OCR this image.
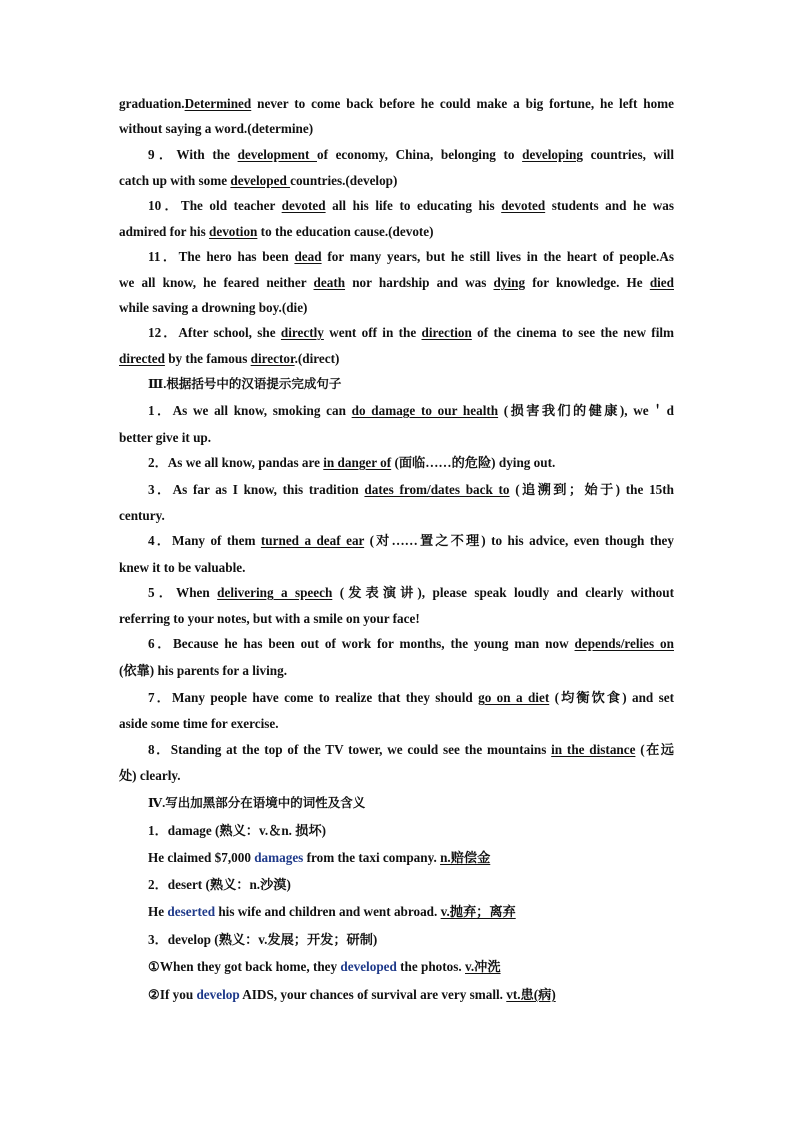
graduation.Determined never to come back before he could make a big fortune, he left home
without saying a word.(determine)
9．With the development of economy, China, belonging to developing countries, will
catch up with some developed countries.(develop)
10．The old teacher devoted all his life to educating his devoted students and he was
admired for his devotion to the education cause.(devote)
11．The hero has been dead for many years, but he still lives in the heart of people.As
we all know, he feared neither death nor hardship and was dying for knowledge. He died
while saving a drowning boy.(die)
12．After school, she directly went off in the direction of the cinema to see the new film
directed by the famous director.(direct)
Ⅲ.根据括号中的汉语提示完成句子
1．As we all know, smoking can do damage to our health (损害我们的健康), we＇d
better give it up.
2．As we all know, pandas are in danger of (面临……的危险) dying out.
3．As far as I know, this tradition dates from/dates back to (追溯到；始于) the 15th
century.
4．Many of them turned a deaf ear (对……置之不理) to his advice, even though they
knew it to be valuable.
5．When delivering a speech (发表演讲), please speak loudly and clearly without
referring to your notes, but with a smile on your face!
6．Because he has been out of work for months, the young man now depends/relies on
(依靠) his parents for a living.
7．Many people have come to realize that they should go on a diet (均衡饮食) and set
aside some time for exercise.
8．Standing at the top of the TV tower, we could see the mountains in the distance (在远
处) clearly.
Ⅳ.写出加黑部分在语境中的词性及含义
1．damage (熟义：v.＆n. 损坏)
He claimed $7,000 damages from the taxi company. n.赔偿金
2．desert (熟义：n.沙漠)
He deserted his wife and children and went abroad. v.抛弃；离弃
3．develop (熟义：v.发展；开发；研制)
①When they got back home, they developed the photos. v.冲洗
②If you develop AIDS, your chances of survival are very small. vt.患(病)
